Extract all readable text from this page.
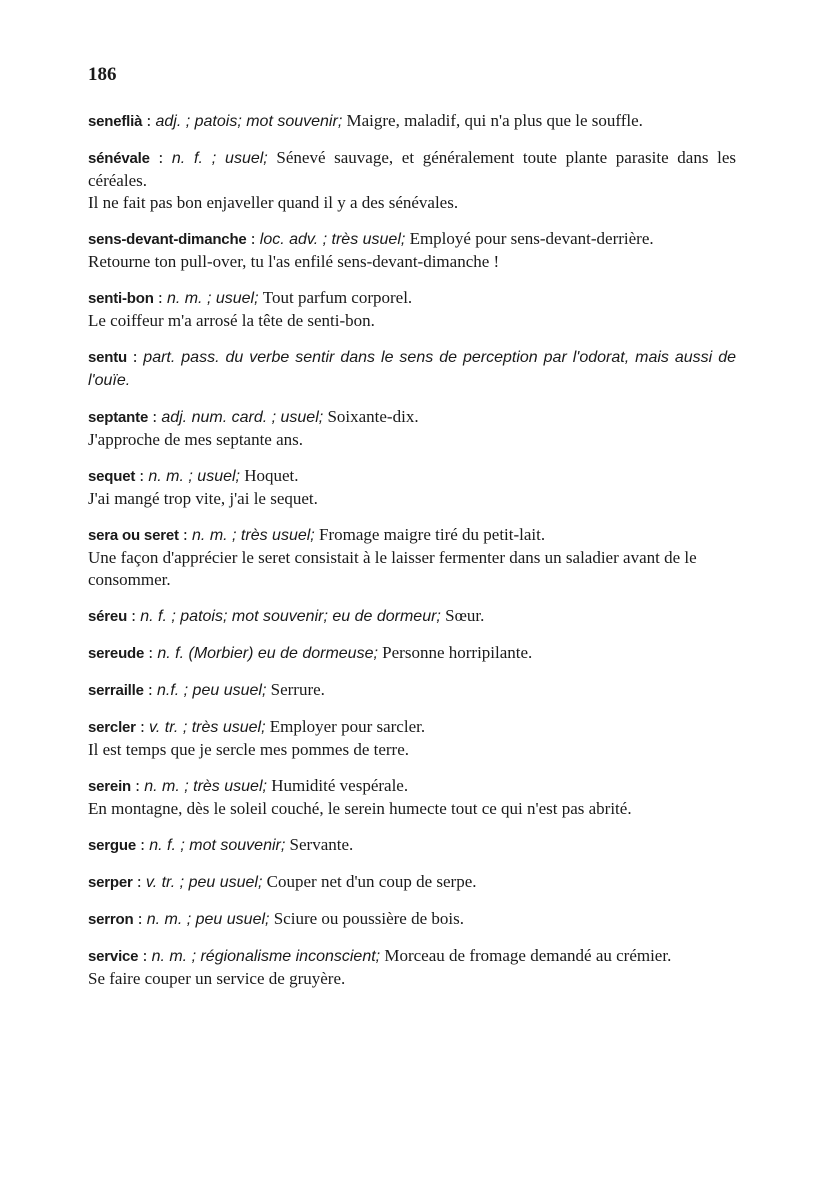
186

seneflià : adj. ; patois; mot souvenir; Maigre, maladif, qui n'a plus que le souffle.

sénévale : n. f. ; usuel; Sénevé sauvage, et généralement toute plante parasite dans les céréales.

Il ne fait pas bon enjaveller quand il y a des sénévales.

sens-devant-dimanche : loc. adv. ; très usuel; Employé pour sens-devant-derrière.

Retourne ton pull-over, tu l'as enfilé sens-devant-dimanche !

senti-bon : n. m. ; usuel; Tout parfum corporel.

Le coiffeur m'a arrosé la tête de senti-bon.

sentu : part. pass. du verbe sentir dans le sens de perception par l'odorat, mais aussi de l'ouïe.

septante : adj. num. card. ; usuel; Soixante-dix.

J'approche de mes septante ans.

sequet : n. m. ; usuel; Hoquet.

J'ai mangé trop vite, j'ai le sequet.

sera ou seret : n. m. ; très usuel; Fromage maigre tiré du petit-lait.

Une façon d'apprécier le seret consistait à le laisser fermenter dans un saladier avant de le consommer.

séreu : n. f. ; patois; mot souvenir; eu de dormeur; Sœur.

sereude : n. f. (Morbier) eu de dormeuse; Personne horripilante.

serraille : n.f. ; peu usuel; Serrure.

sercler : v. tr. ; très usuel; Employer pour sarcler.

Il est temps que je sercle mes pommes de terre.

serein : n. m. ; très usuel; Humidité vespérale.

En montagne, dès le soleil couché, le serein humecte tout ce qui n'est pas abrité.

sergue : n. f. ; mot souvenir; Servante.

serper : v. tr. ; peu usuel; Couper net d'un coup de serpe.

serron : n. m. ; peu usuel; Sciure ou poussière de bois.

service : n. m. ; régionalisme inconscient; Morceau de fromage demandé au crémier.

Se faire couper un service de gruyère.
